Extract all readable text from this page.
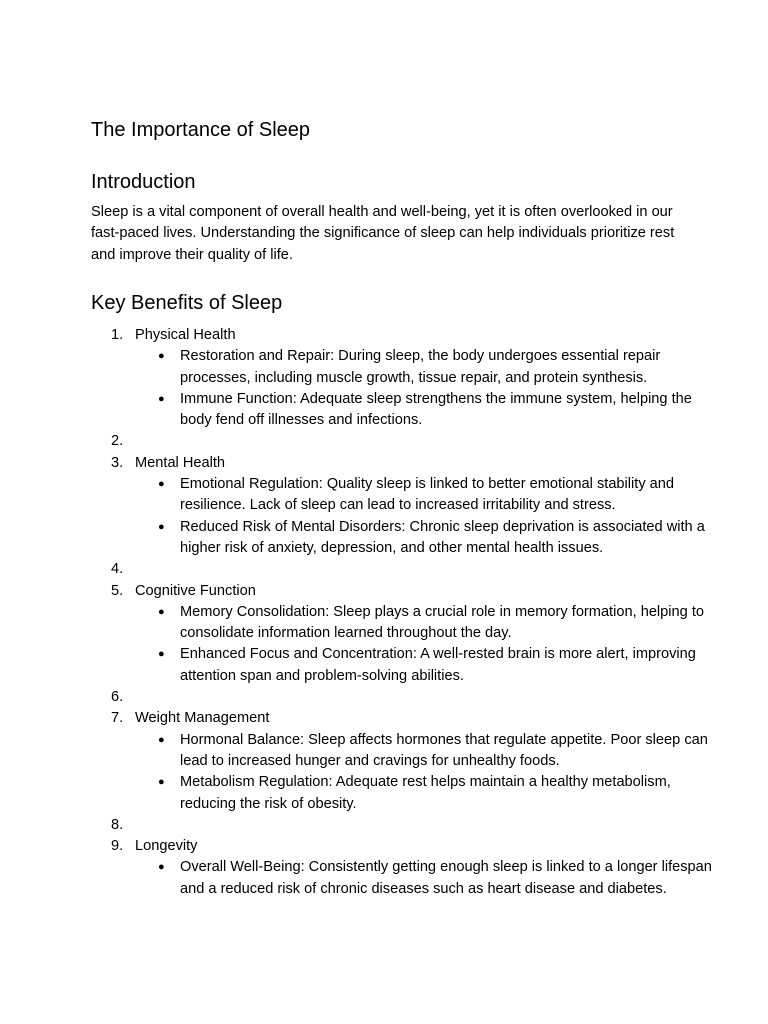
The Importance of Sleep
Introduction

Sleep is a vital component of overall health and well-being, yet it is often overlooked in our fast-paced lives. Understanding the significance of sleep can help individuals prioritize rest and improve their quality of life.

Key Benefits of Sleep
1. Physical Health
● Restoration and Repair: During sleep, the body undergoes essential repair processes, including muscle growth, tissue repair, and protein synthesis.
● Immune Function: Adequate sleep strengthens the immune system, helping the body fend off illnesses and infections.
2.
3. Mental Health
● Emotional Regulation: Quality sleep is linked to better emotional stability and resilience. Lack of sleep can lead to increased irritability and stress.
● Reduced Risk of Mental Disorders: Chronic sleep deprivation is associated with a higher risk of anxiety, depression, and other mental health issues.
4.
5. Cognitive Function
● Memory Consolidation: Sleep plays a crucial role in memory formation, helping to consolidate information learned throughout the day.
● Enhanced Focus and Concentration: A well-rested brain is more alert, improving attention span and problem-solving abilities.
6.
7. Weight Management
● Hormonal Balance: Sleep affects hormones that regulate appetite. Poor sleep can lead to increased hunger and cravings for unhealthy foods.
● Metabolism Regulation: Adequate rest helps maintain a healthy metabolism, reducing the risk of obesity.
8.
9. Longevity
● Overall Well-Being: Consistently getting enough sleep is linked to a longer lifespan and a reduced risk of chronic diseases such as heart disease and diabetes.
